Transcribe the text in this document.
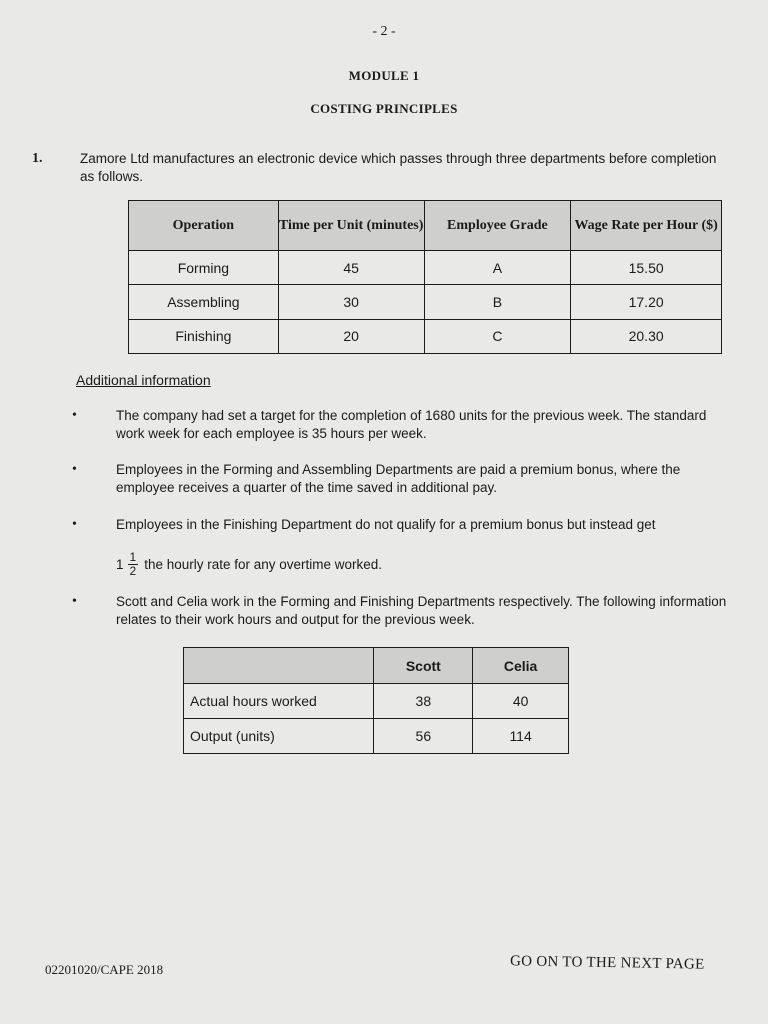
- 2 -
MODULE 1
COSTING PRINCIPLES
1.	Zamore Ltd manufactures an electronic device which passes through three departments before completion as follows.
Operation	Time per Unit (minutes)	Employee Grade	Wage Rate per Hour ($)
Forming	45	A	15.50
Assembling	30	B	17.20
Finishing	20	C	20.30
Additional information
•	The company had set a target for the completion of 1680 units for the previous week. The standard work week for each employee is 35 hours per week.
•	Employees in the Forming and Assembling Departments are paid a premium bonus, where the employee receives a quarter of the time saved in additional pay.
•	Employees in the Finishing Department do not qualify for a premium bonus but instead get
$1 \frac{1}{2}$ the hourly rate for any overtime worked.
•	Scott and Celia work in the Forming and Finishing Departments respectively. The following information relates to their work hours and output for the previous week.
	Scott	Celia
Actual hours worked	38	40
Output (units)	56	114
02201020/CAPE 2018	GO ON TO THE NEXT PAGE
